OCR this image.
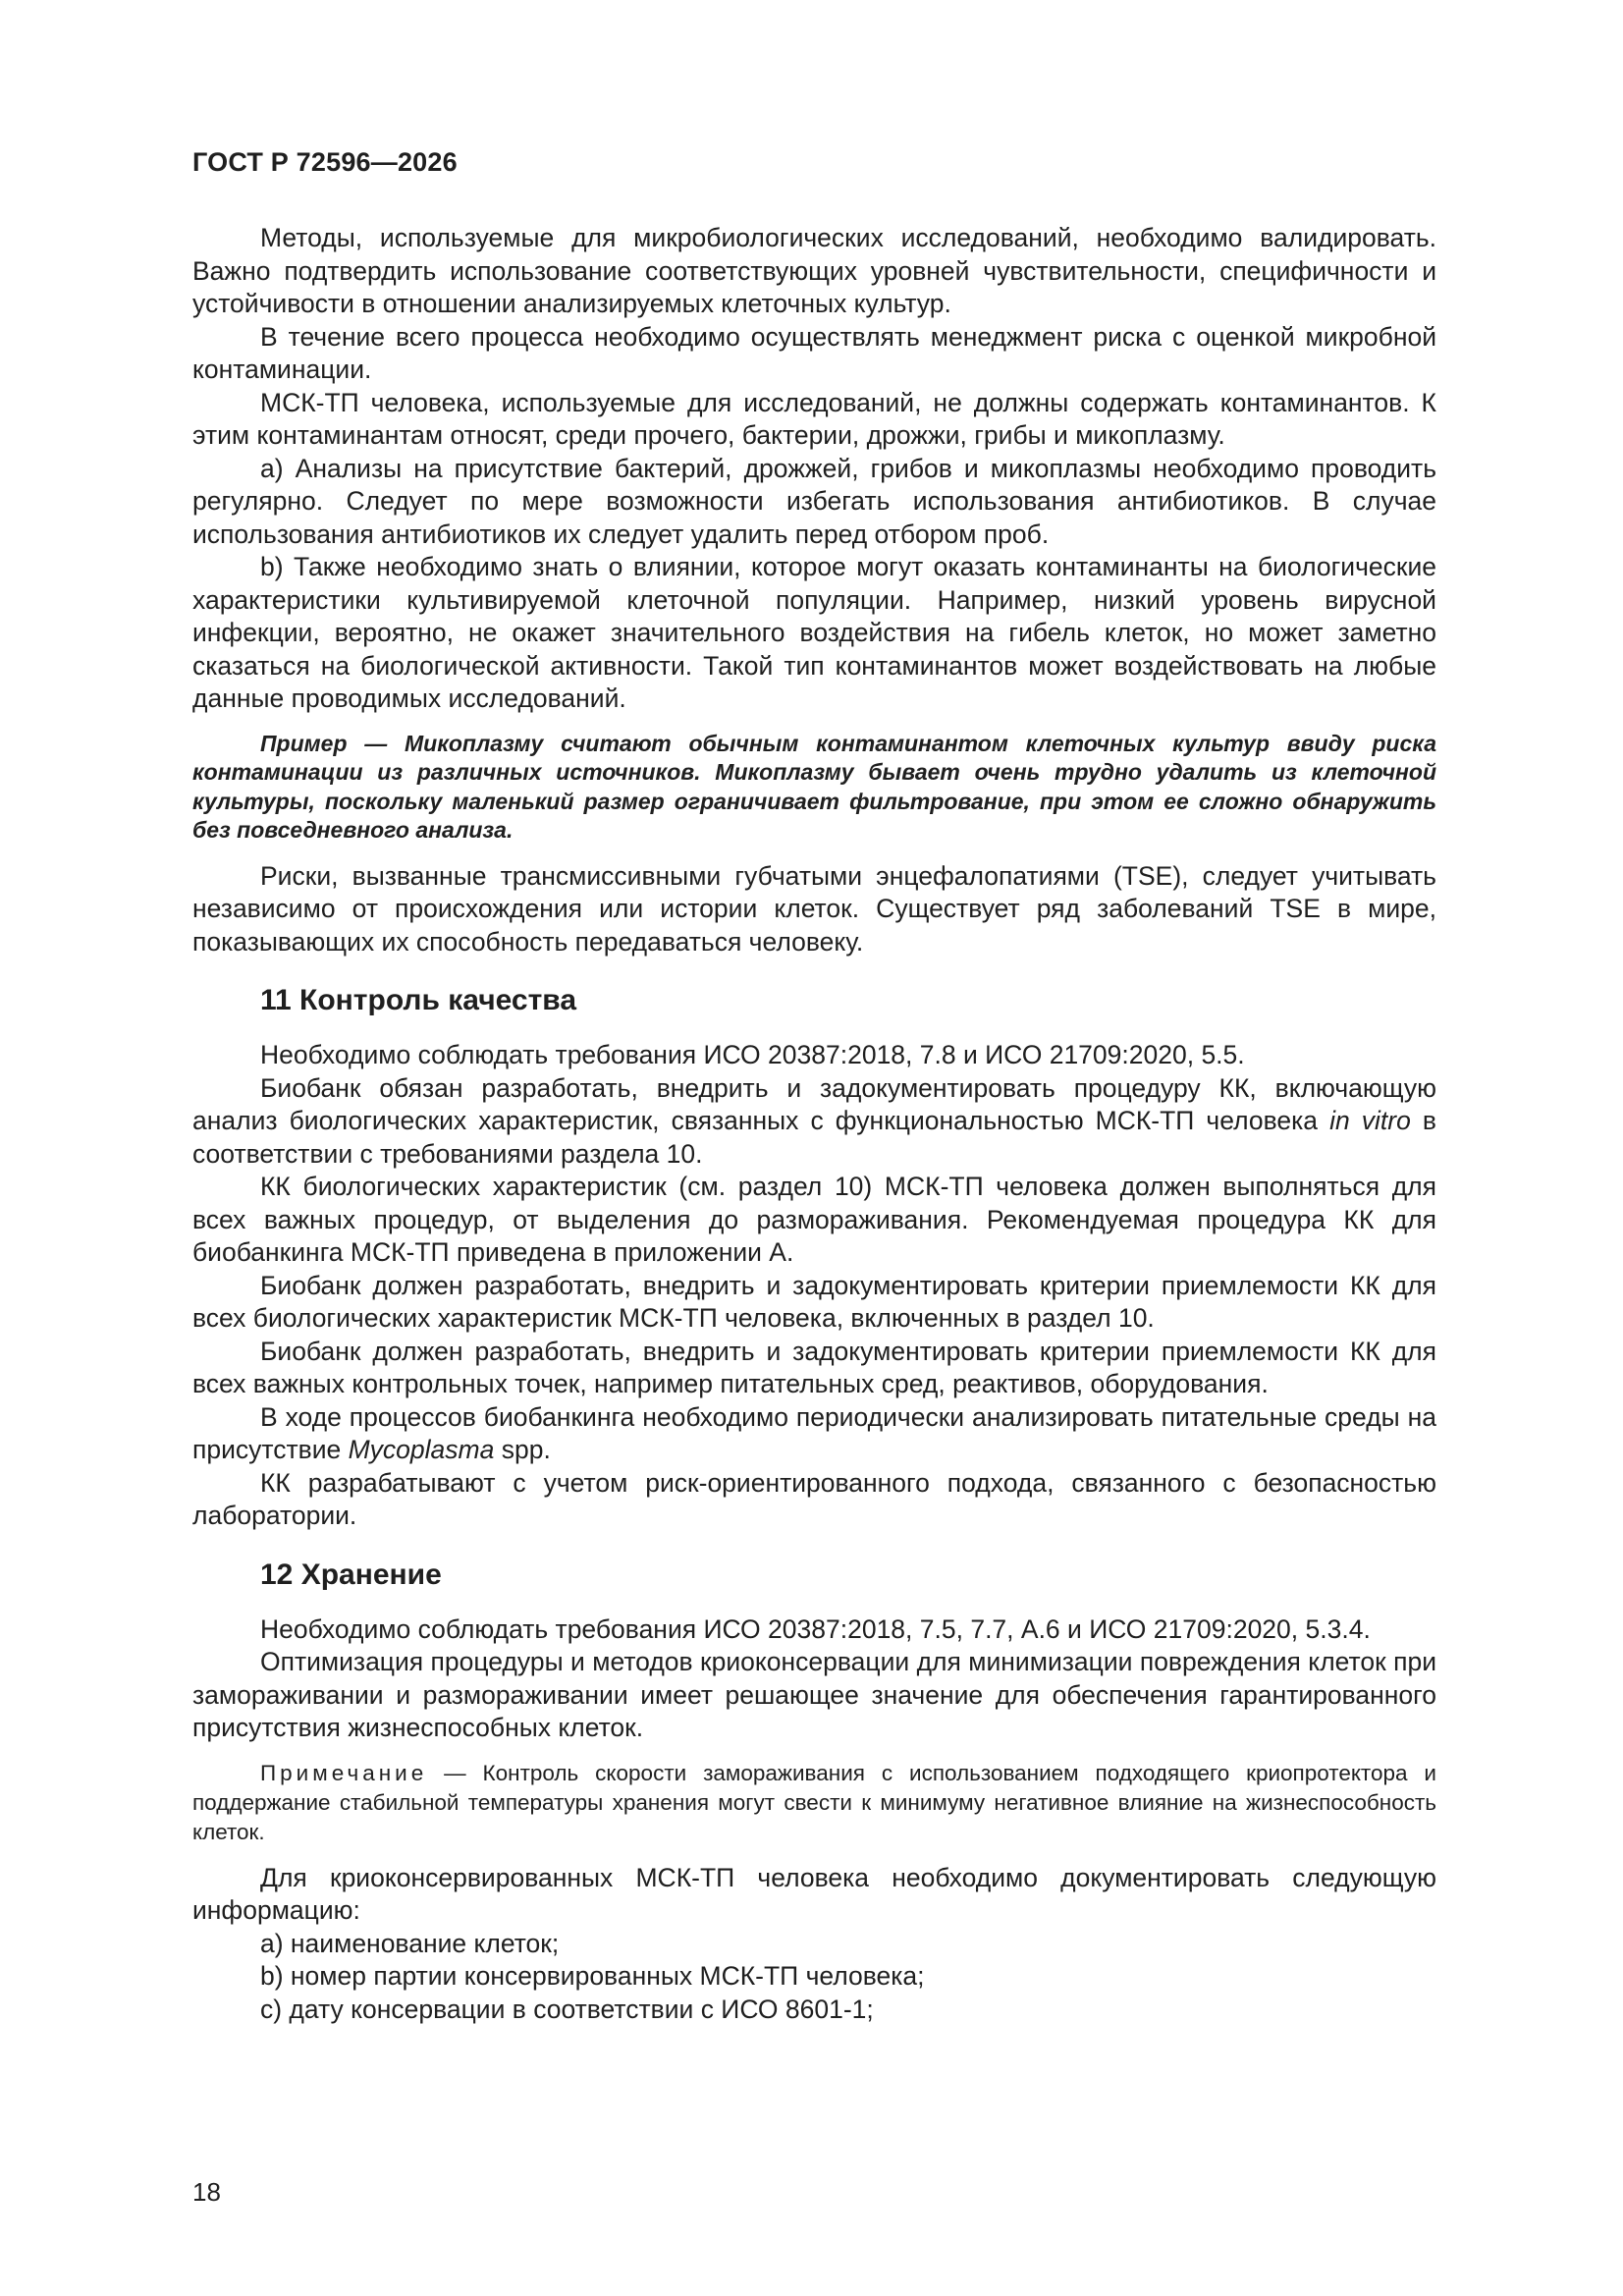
ГОСТ Р 72596—2026

Методы, используемые для микробиологических исследований, необходимо валидировать. Важно подтвердить использование соответствующих уровней чувствительности, специфичности и устойчивости в отношении анализируемых клеточных культур.

В течение всего процесса необходимо осуществлять менеджмент риска с оценкой микробной контаминации.

МСК-ТП человека, используемые для исследований, не должны содержать контаминантов. К этим контаминантам относят, среди прочего, бактерии, дрожжи, грибы и микоплазму.

a) Анализы на присутствие бактерий, дрожжей, грибов и микоплазмы необходимо проводить регулярно. Следует по мере возможности избегать использования антибиотиков. В случае использования антибиотиков их следует удалить перед отбором проб.

b) Также необходимо знать о влиянии, которое могут оказать контаминанты на биологические характеристики культивируемой клеточной популяции. Например, низкий уровень вирусной инфекции, вероятно, не окажет значительного воздействия на гибель клеток, но может заметно сказаться на биологической активности. Такой тип контаминантов может воздействовать на любые данные проводимых исследований.

Пример — Микоплазму считают обычным контаминантом клеточных культур ввиду риска контаминации из различных источников. Микоплазму бывает очень трудно удалить из клеточной культуры, поскольку маленький размер ограничивает фильтрование, при этом ее сложно обнаружить без повседневного анализа.

Риски, вызванные трансмиссивными губчатыми энцефалопатиями (TSE), следует учитывать независимо от происхождения или истории клеток. Существует ряд заболеваний TSE в мире, показывающих их способность передаваться человеку.

11 Контроль качества

Необходимо соблюдать требования ИСО 20387:2018, 7.8 и ИСО 21709:2020, 5.5.

Биобанк обязан разработать, внедрить и задокументировать процедуру КК, включающую анализ биологических характеристик, связанных с функциональностью МСК-ТП человека in vitro в соответствии с требованиями раздела 10.

КК биологических характеристик (см. раздел 10) МСК-ТП человека должен выполняться для всех важных процедур, от выделения до размораживания. Рекомендуемая процедура КК для биобанкинга МСК-ТП приведена в приложении А.

Биобанк должен разработать, внедрить и задокументировать критерии приемлемости КК для всех биологических характеристик МСК-ТП человека, включенных в раздел 10.

Биобанк должен разработать, внедрить и задокументировать критерии приемлемости КК для всех важных контрольных точек, например питательных сред, реактивов, оборудования.

В ходе процессов биобанкинга необходимо периодически анализировать питательные среды на присутствие Mycoplasma spp.

КК разрабатывают с учетом риск-ориентированного подхода, связанного с безопасностью лаборатории.

12 Хранение

Необходимо соблюдать требования ИСО 20387:2018, 7.5, 7.7, А.6 и ИСО 21709:2020, 5.3.4.

Оптимизация процедуры и методов криоконсервации для минимизации повреждения клеток при замораживании и размораживании имеет решающее значение для обеспечения гарантированного присутствия жизнеспособных клеток.

Примечание — Контроль скорости замораживания с использованием подходящего криопротектора и поддержание стабильной температуры хранения могут свести к минимуму негативное влияние на жизнеспособность клеток.

Для криоконсервированных МСК-ТП человека необходимо документировать следующую информацию:

a) наименование клеток;

b) номер партии консервированных МСК-ТП человека;

c) дату консервации в соответствии с ИСО 8601-1;

18
